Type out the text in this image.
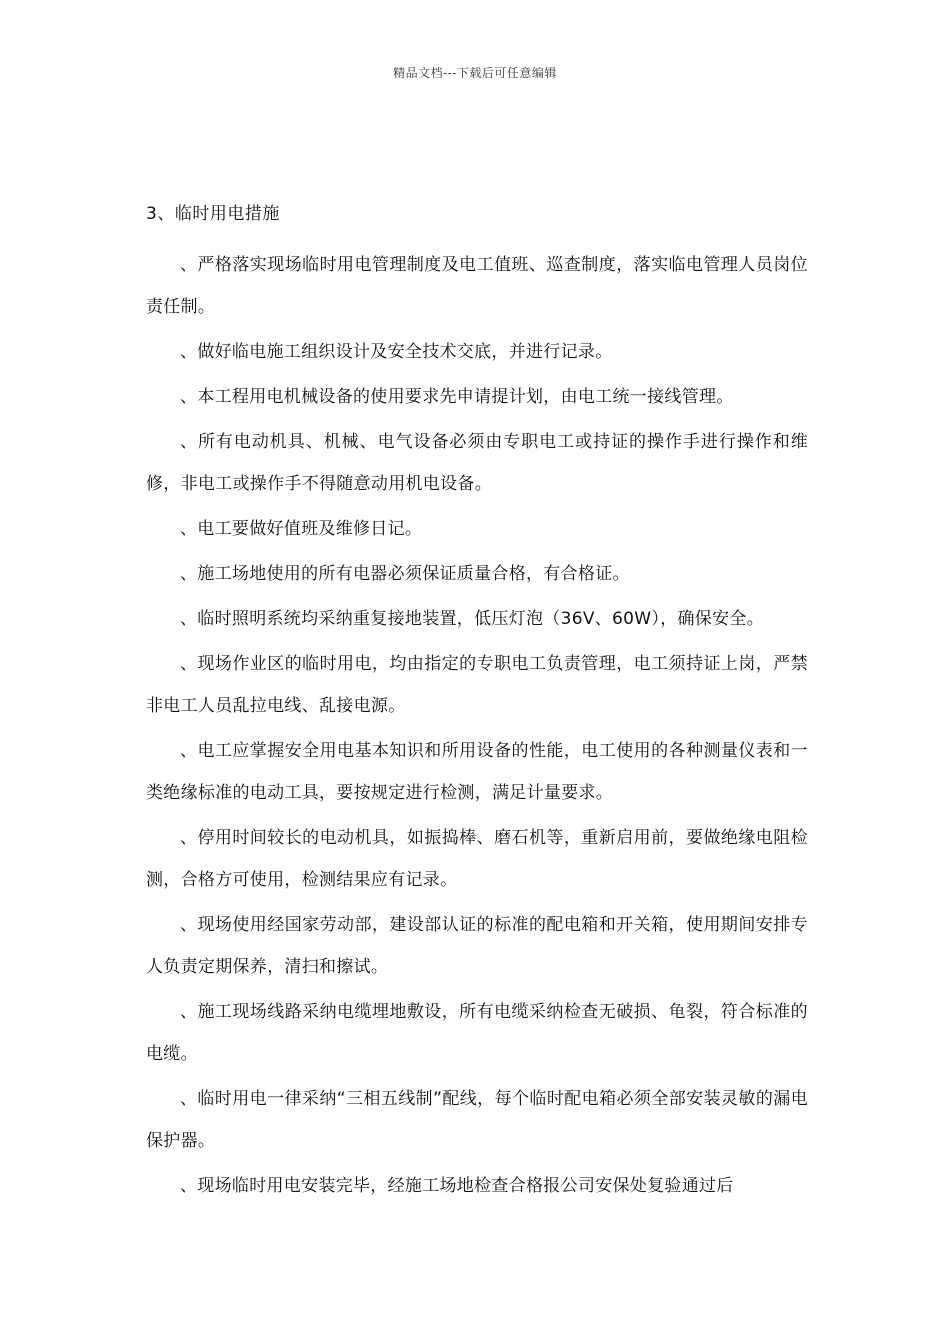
精品文档---下载后可任意编辑
3、临时用电措施

、严格落实现场临时用电管理制度及电工值班、巡查制度，落实临电管理人员岗位责任制。

、做好临电施工组织设计及安全技术交底，并进行记录。

、本工程用电机械设备的使用要求先申请提计划，由电工统一接线管理。

、所有电动机具、机械、电气设备必须由专职电工或持证的操作手进行操作和维修，非电工或操作手不得随意动用机电设备。

、电工要做好值班及维修日记。

、施工场地使用的所有电器必须保证质量合格，有合格证。

、临时照明系统均采纳重复接地装置，低压灯泡（36V、60W），确保安全。

、现场作业区的临时用电，均由指定的专职电工负责管理，电工须持证上岗，严禁非电工人员乱拉电线、乱接电源。

、电工应掌握安全用电基本知识和所用设备的性能，电工使用的各种测量仪表和一类绝缘标准的电动工具，要按规定进行检测，满足计量要求。

、停用时间较长的电动机具，如振捣棒、磨石机等，重新启用前，要做绝缘电阻检测，合格方可使用，检测结果应有记录。

、现场使用经国家劳动部，建设部认证的标准的配电箱和开关箱，使用期间安排专人负责定期保养，清扫和擦试。

、施工现场线路采纳电缆埋地敷设，所有电缆采纳检查无破损、龟裂，符合标准的电缆。

、临时用电一律采纳“三相五线制”配线，每个临时配电箱必须全部安装灵敏的漏电保护器。

、现场临时用电安装完毕，经施工场地检查合格报公司安保处复验通过后
